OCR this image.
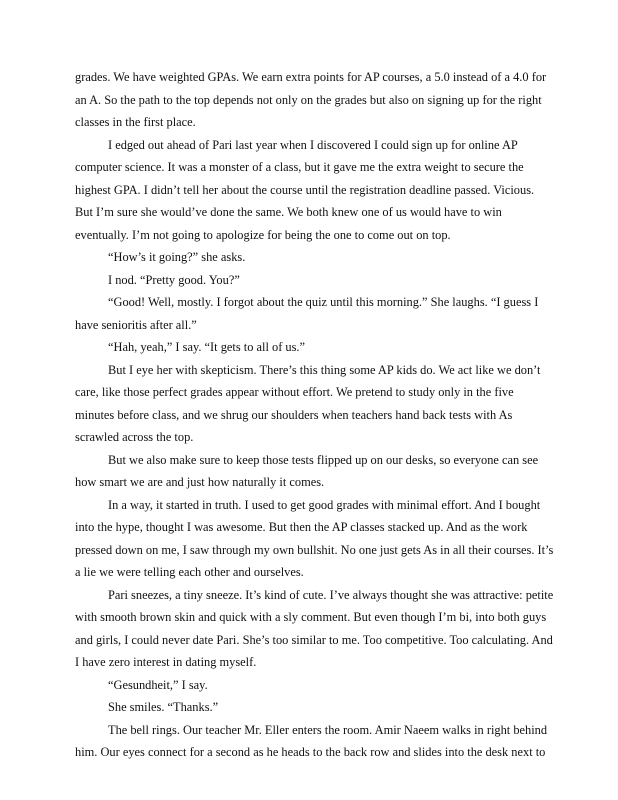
grades. We have weighted GPAs. We earn extra points for AP courses, a 5.0 instead of a 4.0 for an A. So the path to the top depends not only on the grades but also on signing up for the right classes in the first place.

I edged out ahead of Pari last year when I discovered I could sign up for online AP computer science. It was a monster of a class, but it gave me the extra weight to secure the highest GPA. I didn’t tell her about the course until the registration deadline passed. Vicious. But I’m sure she would’ve done the same. We both knew one of us would have to win eventually. I’m not going to apologize for being the one to come out on top.

“How’s it going?” she asks.

I nod. “Pretty good. You?”

“Good! Well, mostly. I forgot about the quiz until this morning.” She laughs. “I guess I have senioritis after all.”

“Hah, yeah,” I say. “It gets to all of us.”

But I eye her with skepticism. There’s this thing some AP kids do. We act like we don’t care, like those perfect grades appear without effort. We pretend to study only in the five minutes before class, and we shrug our shoulders when teachers hand back tests with As scrawled across the top.

But we also make sure to keep those tests flipped up on our desks, so everyone can see how smart we are and just how naturally it comes.

In a way, it started in truth. I used to get good grades with minimal effort. And I bought into the hype, thought I was awesome. But then the AP classes stacked up. And as the work pressed down on me, I saw through my own bullshit. No one just gets As in all their courses. It’s a lie we were telling each other and ourselves.

Pari sneezes, a tiny sneeze. It’s kind of cute. I’ve always thought she was attractive: petite with smooth brown skin and quick with a sly comment. But even though I’m bi, into both guys and girls, I could never date Pari. She’s too similar to me. Too competitive. Too calculating. And I have zero interest in dating myself.

“Gesundheit,” I say.

She smiles. “Thanks.”

The bell rings. Our teacher Mr. Eller enters the room. Amir Naeem walks in right behind him. Our eyes connect for a second as he heads to the back row and slides into the desk next to
